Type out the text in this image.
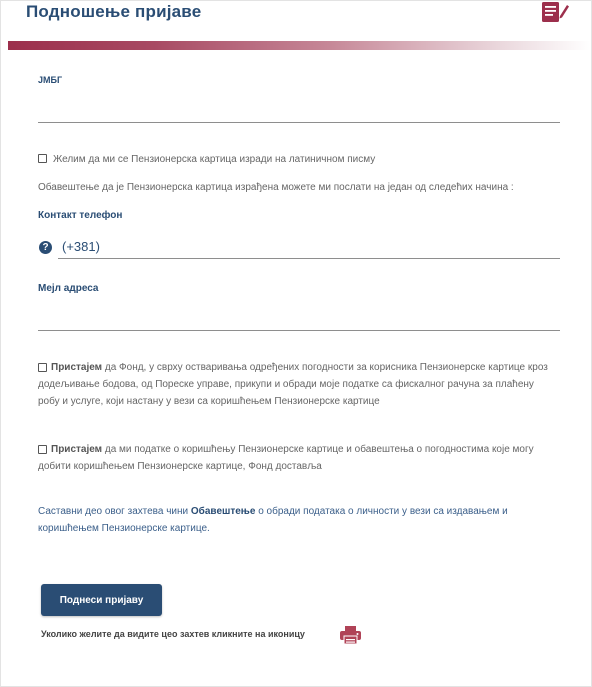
Подношење пријаве
ЈМБГ
Желим да ми се Пензионерска картица изради на латиничном писму
Обавештење да је Пензионерска картица израђена можете ми послати на један од следећих начина :
Контакт телефон
? (+381)
Мејл адреса
Пристајем да Фонд, у сврху остваривања одређених погодности за корисника Пензионерске картице кроз додељивање бодова, од Пореске управе, прикупи и обради моје податке са фискалног рачуна за плаћену робу и услуге, који настану у вези са коришћењем Пензионерске картице
Пристајем да ми податке о коришћењу Пензионерске картице и обавештења о погодностима које могу добити коришћењем Пензионерске картице, Фонд доставља
Саставни део овог захтева чини Обавештење о обради података о личности у вези са издавањем и коришћењем Пензионерске картице.
Поднеси пријаву
Уколико желите да видите цео захтев кликните на иконицу
